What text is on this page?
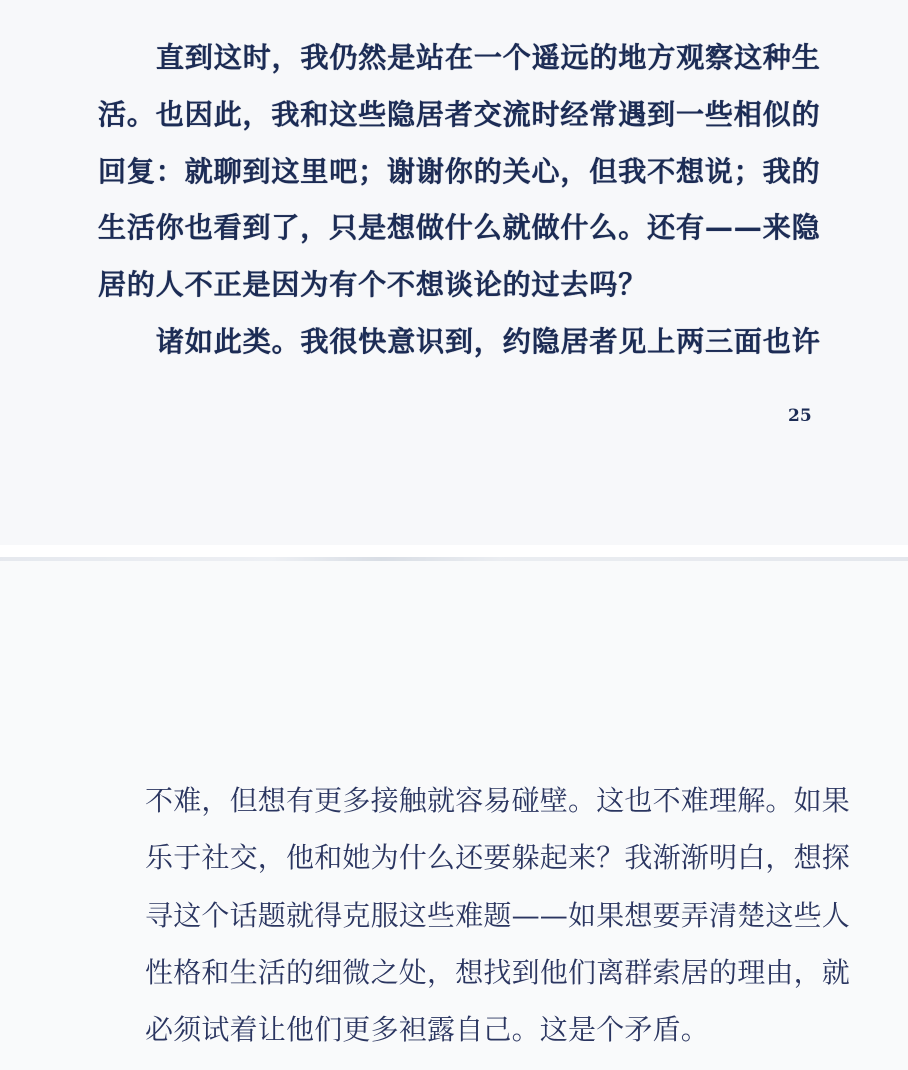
直到这时，我仍然是站在一个遥远的地方观察这种生

活。也因此，我和这些隐居者交流时经常遇到一些相似的

回复：就聊到这里吧；谢谢你的关心，但我不想说；我的

生活你也看到了，只是想做什么就做什么。还有——来隐

居的人不正是因为有个不想谈论的过去吗？

诸如此类。我很快意识到，约隐居者见上两三面也许

25

不难，但想有更多接触就容易碰壁。这也不难理解。如果

乐于社交，他和她为什么还要躲起来？我渐渐明白，想探

寻这个话题就得克服这些难题——如果想要弄清楚这些人

性格和生活的细微之处，想找到他们离群索居的理由，就

必须试着让他们更多袒露自己。这是个矛盾。
